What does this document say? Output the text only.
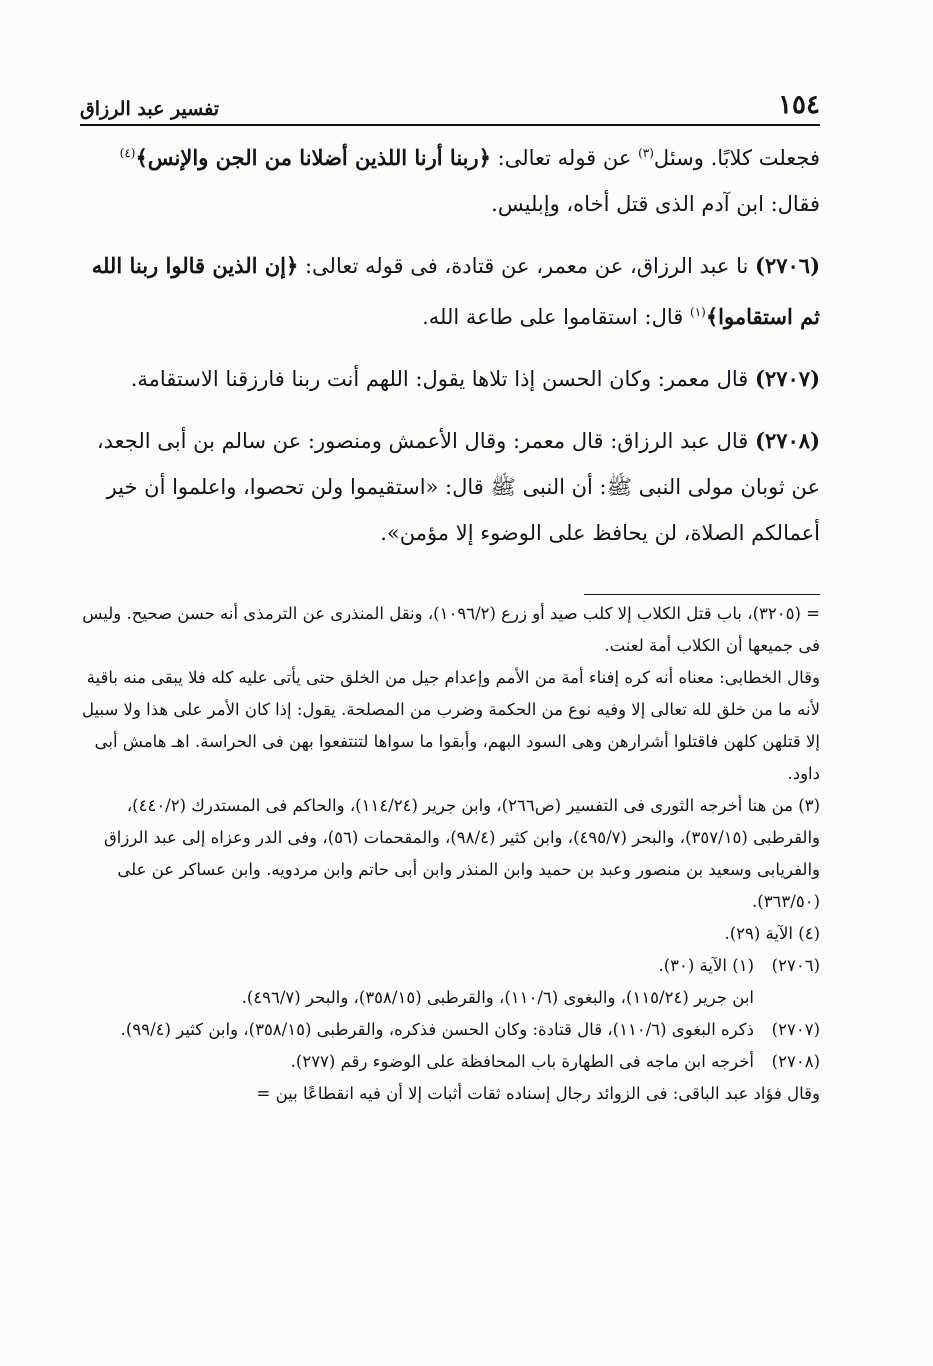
تفسير عبد الرزاق	١٥٤

فجعلت كلابًا. وسئل$^{(٣)}$ عن قوله تعالى: ﴿ربنا أرنا اللذين أضلانا من الجن والإنس﴾$^{(٤)}$ فقال: ابن آدم الذى قتل أخاه، وإبليس.

(٢٧٠٦) نا عبد الرزاق، عن معمر، عن قتادة، فى قوله تعالى: ﴿إن الذين قالوا ربنا الله ثم استقاموا﴾$^{(١)}$ قال: استقاموا على طاعة الله.

(٢٧٠٧) قال معمر: وكان الحسن إذا تلاها يقول: اللهم أنت ربنا فارزقنا الاستقامة.

(٢٧٠٨) قال عبد الرزاق: قال معمر: وقال الأعمش ومنصور: عن سالم بن أبى الجعد، عن ثوبان مولى النبى ﷺ: أن النبى ﷺ قال: «استقيموا ولن تحصوا، واعلموا أن خير أعمالكم الصلاة، لن يحافظ على الوضوء إلا مؤمن».

= (٣٢٠٥)، باب قتل الكلاب إلا كلب صيد أو زرع (١٠٩٦/٢)، ونقل المنذرى عن الترمذى أنه حسن صحيح. وليس فى جميعها أن الكلاب أمة لعنت.

وقال الخطابى: معناه أنه كره إفناء أمة من الأمم وإعدام جيل من الخلق حتى يأتى عليه كله فلا يبقى منه باقية لأنه ما من خلق لله تعالى إلا وفيه نوع من الحكمة وضرب من المصلحة. يقول: إذا كان الأمر على هذا ولا سبيل إلا قتلهن كلهن فاقتلوا أشرارهن وهى السود البهم، وأبقوا ما سواها لتنتفعوا بهن فى الحراسة. اهـ هامش أبى داود.

(٣) من هنا أخرجه الثورى فى التفسير (ص٢٦٦)، وابن جرير (١١٤/٢٤)، والحاكم فى المستدرك (٤٤٠/٢)، والقرطبى (٣٥٧/١٥)، والبحر (٤٩٥/٧)، وابن كثير (٩٨/٤)، والمقحمات (٥٦)، وفى الدر وعزاه إلى عبد الرزاق والفريابى وسعيد بن منصور وعبد بن حميد وابن المنذر وابن أبى حاتم وابن مردويه. وابن عساكر عن على (٣٦٣/٥٠).

(٤) الآية (٢٩).

(٢٧٠٦)

(١) الآية (٣٠).

ابن جرير (١١٥/٢٤)، والبغوى (١١٠/٦)، والقرطبى (٣٥٨/١٥)، والبحر (٤٩٦/٧).

(٢٧٠٧)

ذكره البغوى (١١٠/٦)، قال قتادة: وكان الحسن فذكره، والقرطبى (٣٥٨/١٥)، وابن كثير (٩٩/٤).

(٢٧٠٨)

أخرجه ابن ماجه فى الطهارة باب المحافظة على الوضوء رقم (٢٧٧).

وقال فؤاد عبد الباقى: فى الزوائد رجال إسناده ثقات أثبات إلا أن فيه انقطاعًا بين =
